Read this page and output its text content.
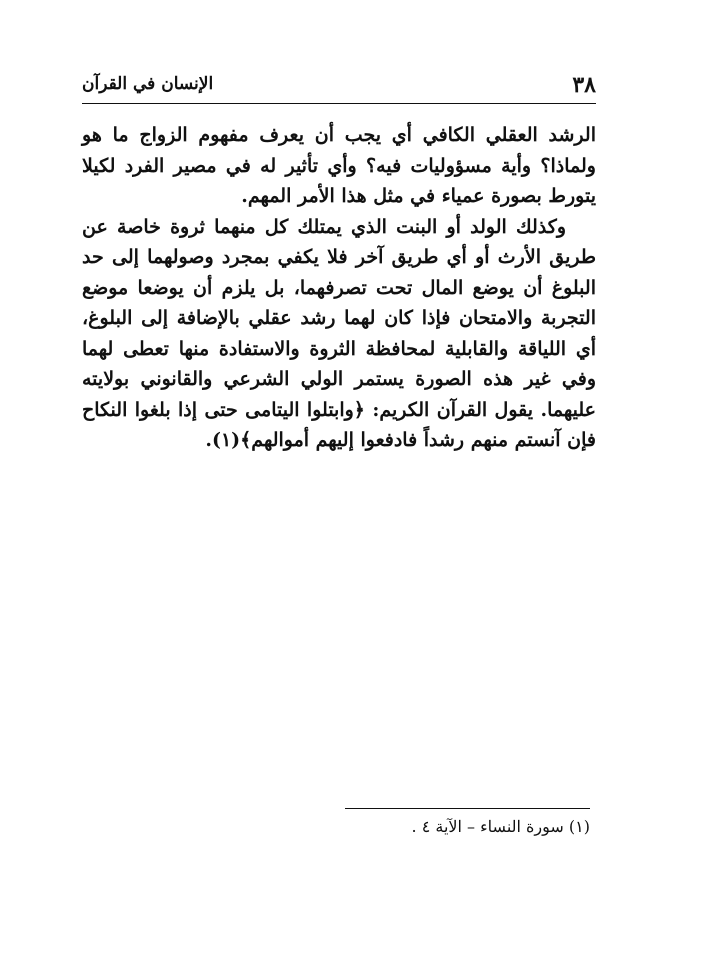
٣٨
الإنسان في القرآن

الرشد العقلي الكافي أي يجب أن يعرف مفهوم الزواج ما هو ولماذا؟ وأية مسؤوليات فيه؟ وأي تأثير له في مصير الفرد لكيلا يتورط بصورة عمياء في مثل هذا الأمر المهم.

وكذلك الولد أو البنت الذي يمتلك كل منهما ثروة خاصة عن طريق الأرث أو أي طريق آخر فلا يكفي بمجرد وصولهما إلى حد البلوغ أن يوضع المال تحت تصرفهما، بل يلزم أن يوضعا موضع التجربة والامتحان فإذا كان لهما رشد عقلي بالإضافة إلى البلوغ، أي اللياقة والقابلية لمحافظة الثروة والاستفادة منها تعطى لهما وفي غير هذه الصورة يستمر الولي الشرعي والقانوني بولايته عليهما. يقول القرآن الكريم: ﴿وابتلوا اليتامى حتى إذا بلغوا النكاح فإن آنستم منهم رشداً فادفعوا إليهم أموالهم﴾(١).

(١) سورة النساء – الآية ٤ .
